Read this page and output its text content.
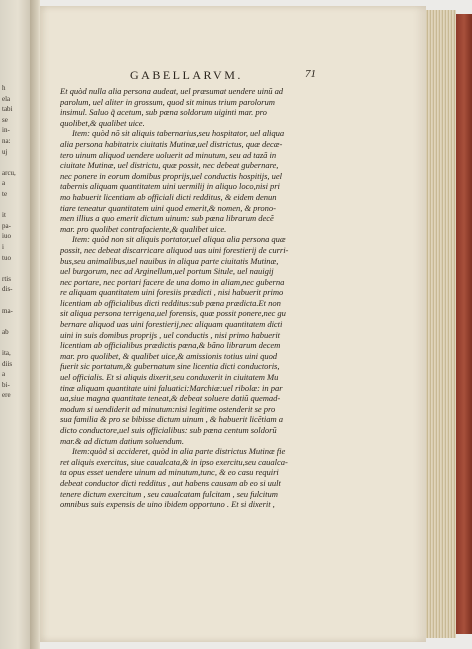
h
ela
tabi
se
in-
na:
uj
arcu,
a
te
it
pa-
iuo
i
tuo
rtis
dis-
ma-
ab
ita,
diis
a
bi-
ere
GABELLARVM.	71
Et quòd nulla alia persona audeat, uel præsumat uendere uinũ ad
parolum, uel aliter in grossum, quod sit minus trium parolorum
insimul. Saluo q̃ acetum, sub pœna soldorum uiginti mar. pro
quolibet,& qualibet uice.
Item: quòd nõ sit aliquis tabernarius,seu hospitator, uel aliqua
alia persona habitatrix ciuitatis Mutinæ,uel districtus, quæ decæ-
tero uinum aliquod uendere uoluerit ad minutum, seu ad tazã in
ciuitate Mutinæ, uel districtu, quæ possit, nec debeat gubernare,
nec ponere in eorum domibus proprijs,uel conductis hospitijs, uel
tabernis aliquam quantitatem uini uermilij in aliquo loco,nisi pri
mo habuerit licentiam ab officiali dicti redditus, & eidem denun
tiare teneatur quantitatem uini quod emerit,& nomen, & prono-
men illius a quo emerit dictum uinum: sub pœna librarum decẽ
mar. pro quolibet contrafaciente,& qualibet uice.
Item: quòd non sit aliquis portator,uel aliqua alia persona quæ
possit, nec debeat discarricare aliquod uas uini forestierij de curri-
bus,seu animalibus,uel nauibus in aliqua parte ciuitatis Mutinæ,
uel burgorum, nec ad Arginellum,uel portum Situle, uel nauigij
nec portare, nec portari facere de una domo in aliam,nec guberna
re aliquam quantitatem uini foresiis prædicti , nisi habuerit primo
licentiam ab officialibus dicti redditus:sub pœna prædicta.Et non
sit aliqua persona terrigena,uel forensis, quæ possit ponere,nec gu
bernare aliquod uas uini forestierij,nec aliquam quantitatem dicti
uini in suis domibus proprijs , uel conductis , nisi primo habuerit
licentiam ab officialibus prædictis pœna,& bãno librarum decem
mar. pro quolibet, & qualibet uice,& amissionis totius uini quod
fuerit sic portatum,& gubernatum sine licentia dicti conductoris,
uel officialis. Et si aliquis dixerit,seu conduxerit in ciuitatem Mu
tinæ aliquam quantitate uini faluatici:Marchiæ:uel ribolæ: in par
ua,siue magna quantitate teneat,& debeat soluere datiũ quemad-
modum si uendiderit ad minutum:nisi legitime ostenderit se pro
sua familia & pro se bibisse dictum uinum , & habuerit licẽtiam a
dicto conductore,uel suis officialibus: sub pœna centum soldorũ
mar.& ad dictum datium soluendum.
Item:quòd si accideret, quòd in alia parte districtus Mutinæ fie
ret aliquis exercitus, siue caualcata,& in ipso exercitu,seu caualca-
ta opus esset uendere uinum ad minutum,tunc, & eo casu requiri
debeat conductor dicti redditus , aut habens causam ab eo si uult
tenere dictum exercitum , seu caualcatam fulcitam , seu fulcitum
omnibus suis expensis de uino ibidem opportuno . Et si dixerit ,
